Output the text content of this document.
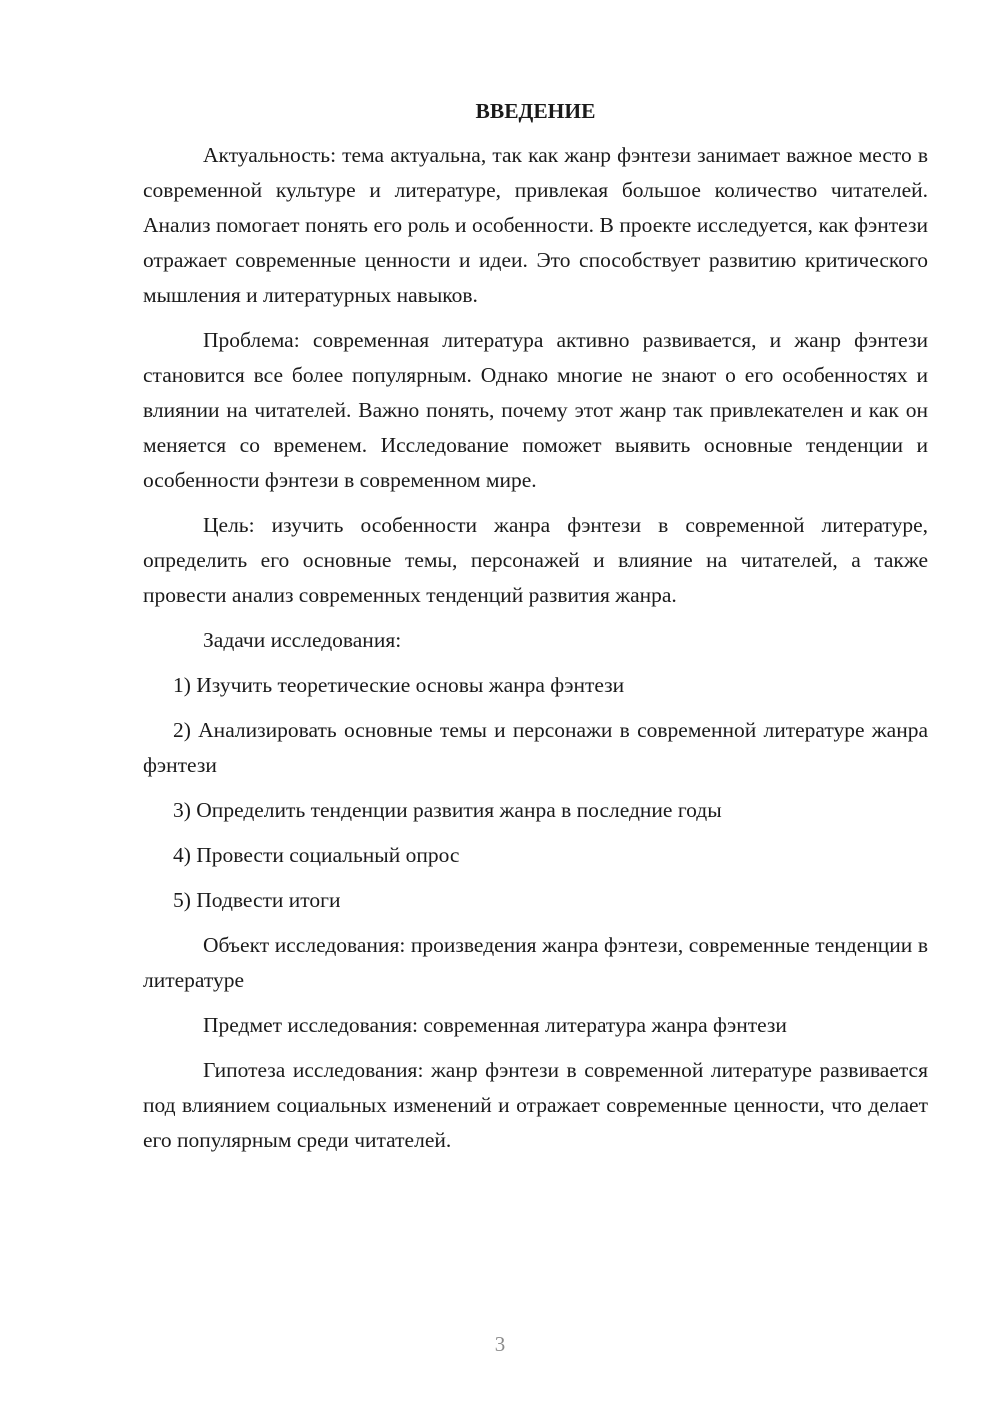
ВВЕДЕНИЕ
Актуальность: тема актуальна, так как жанр фэнтези занимает важное место в современной культуре и литературе, привлекая большое количество читателей. Анализ помогает понять его роль и особенности. В проекте исследуется, как фэнтези отражает современные ценности и идеи. Это способствует развитию критического мышления и литературных навыков.
Проблема: современная литература активно развивается, и жанр фэнтези становится все более популярным. Однако многие не знают о его особенностях и влиянии на читателей. Важно понять, почему этот жанр так привлекателен и как он меняется со временем. Исследование поможет выявить основные тенденции и особенности фэнтези в современном мире.
Цель: изучить особенности жанра фэнтези в современной литературе, определить его основные темы, персонажей и влияние на читателей, а также провести анализ современных тенденций развития жанра.
Задачи исследования:
1) Изучить теоретические основы жанра фэнтези
2) Анализировать основные темы и персонажи в современной литературе жанра фэнтези
3) Определить тенденции развития жанра в последние годы
4) Провести социальный опрос
5) Подвести итоги
Объект исследования: произведения жанра фэнтези, современные тенденции в литературе
Предмет исследования: современная литература жанра фэнтези
Гипотеза исследования: жанр фэнтези в современной литературе развивается под влиянием социальных изменений и отражает современные ценности, что делает его популярным среди читателей.
3
